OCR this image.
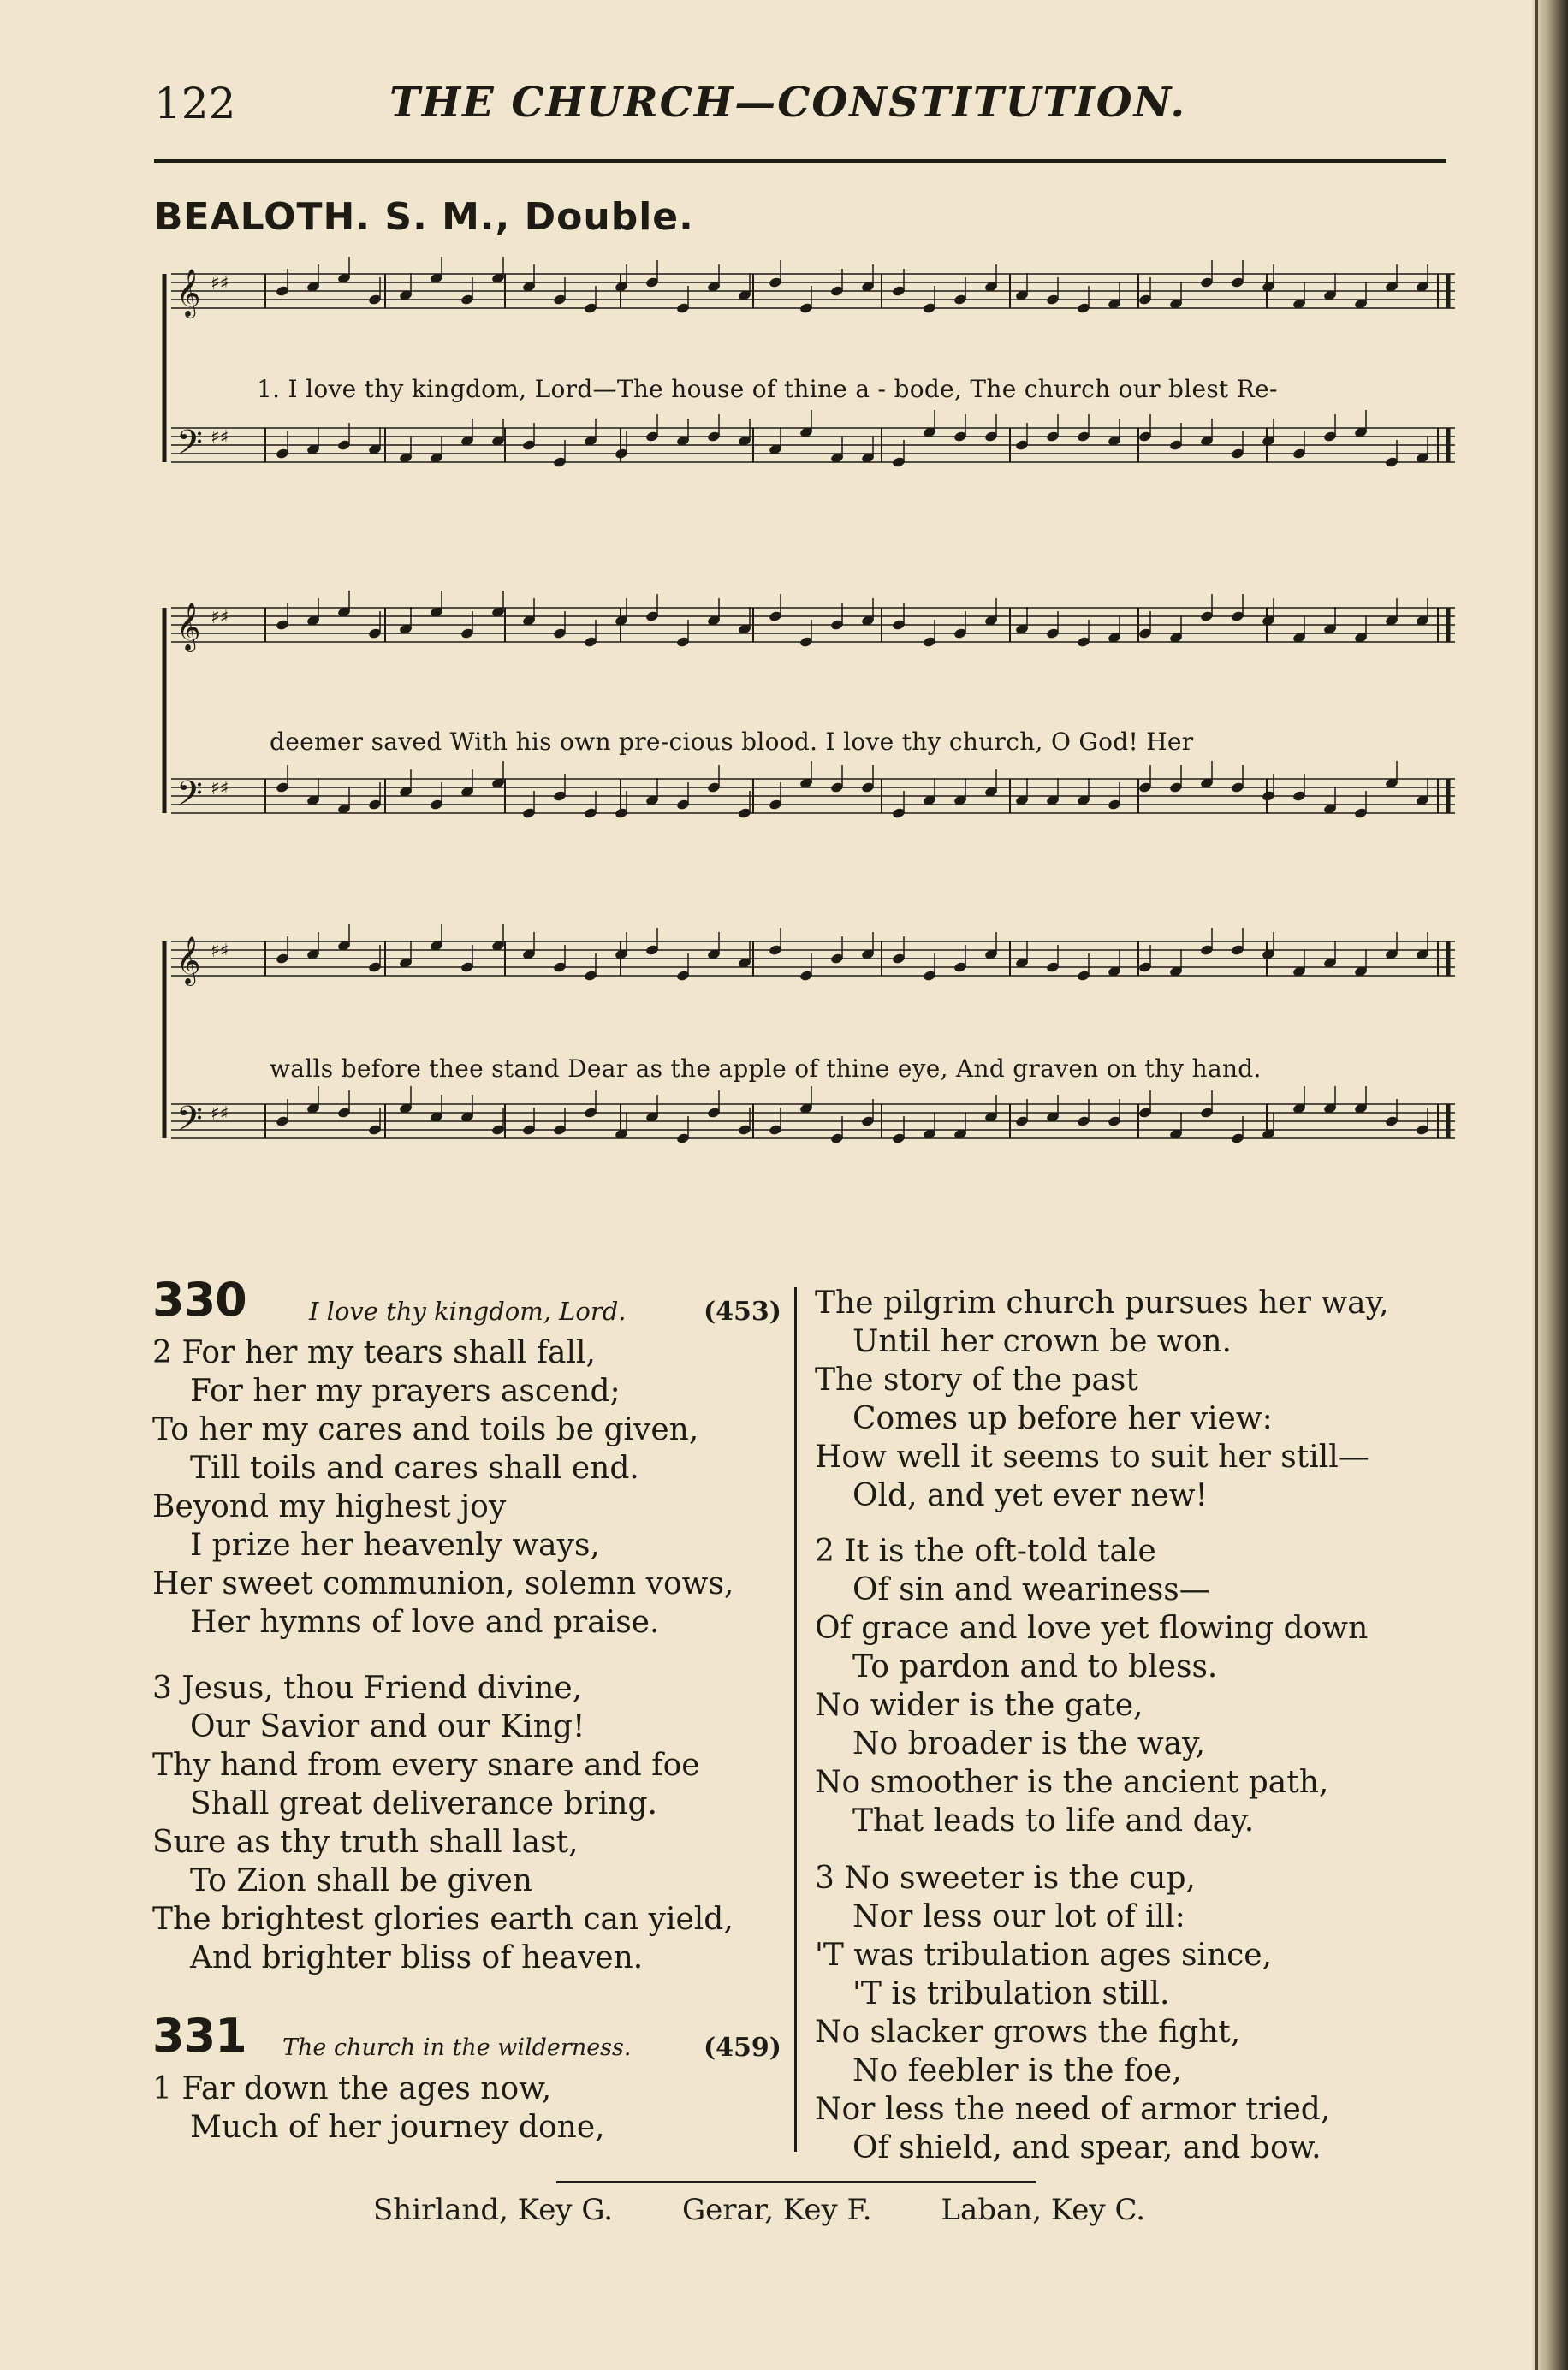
122	THE CHURCH—CONSTITUTION.
BEALOTH. S. M., Double.
𝄞 ♯♯
𝄢 ♯♯
1. I love thy kingdom, Lord—The house of thine a - bode, The church our blest Re-
𝄞 ♯♯
𝄢 ♯♯
deemer saved With his own pre-cious blood. I love thy church, O God! Her
𝄞 ♯♯
𝄢 ♯♯
walls before thee stand Dear as the apple of thine eye, And graven on thy hand.
330	I love thy kingdom, Lord.	(453)
2 For her my tears shall fall,
For her my prayers ascend;
To her my cares and toils be given,
Till toils and cares shall end.
Beyond my highest joy
I prize her heavenly ways,
Her sweet communion, solemn vows,
Her hymns of love and praise.
3 Jesus, thou Friend divine,
Our Savior and our King!
Thy hand from every snare and foe
Shall great deliverance bring.
Sure as thy truth shall last,
To Zion shall be given
The brightest glories earth can yield,
And brighter bliss of heaven.
331 The church in the wilderness.	(459)
1 Far down the ages now,
Much of her journey done,
The pilgrim church pursues her way,
Until her crown be won.
The story of the past
Comes up before her view:
How well it seems to suit her still—
Old, and yet ever new!
2 It is the oft-told tale
Of sin and weariness—
Of grace and love yet flowing down
To pardon and to bless.
No wider is the gate,
No broader is the way,
No smoother is the ancient path,
That leads to life and day.
3 No sweeter is the cup,
Nor less our lot of ill:
'T was tribulation ages since,
'T is tribulation still.
No slacker grows the fight,
No feebler is the foe,
Nor less the need of armor tried,
Of shield, and spear, and bow.
Shirland, Key G. Gerar, Key F. Laban, Key C.
